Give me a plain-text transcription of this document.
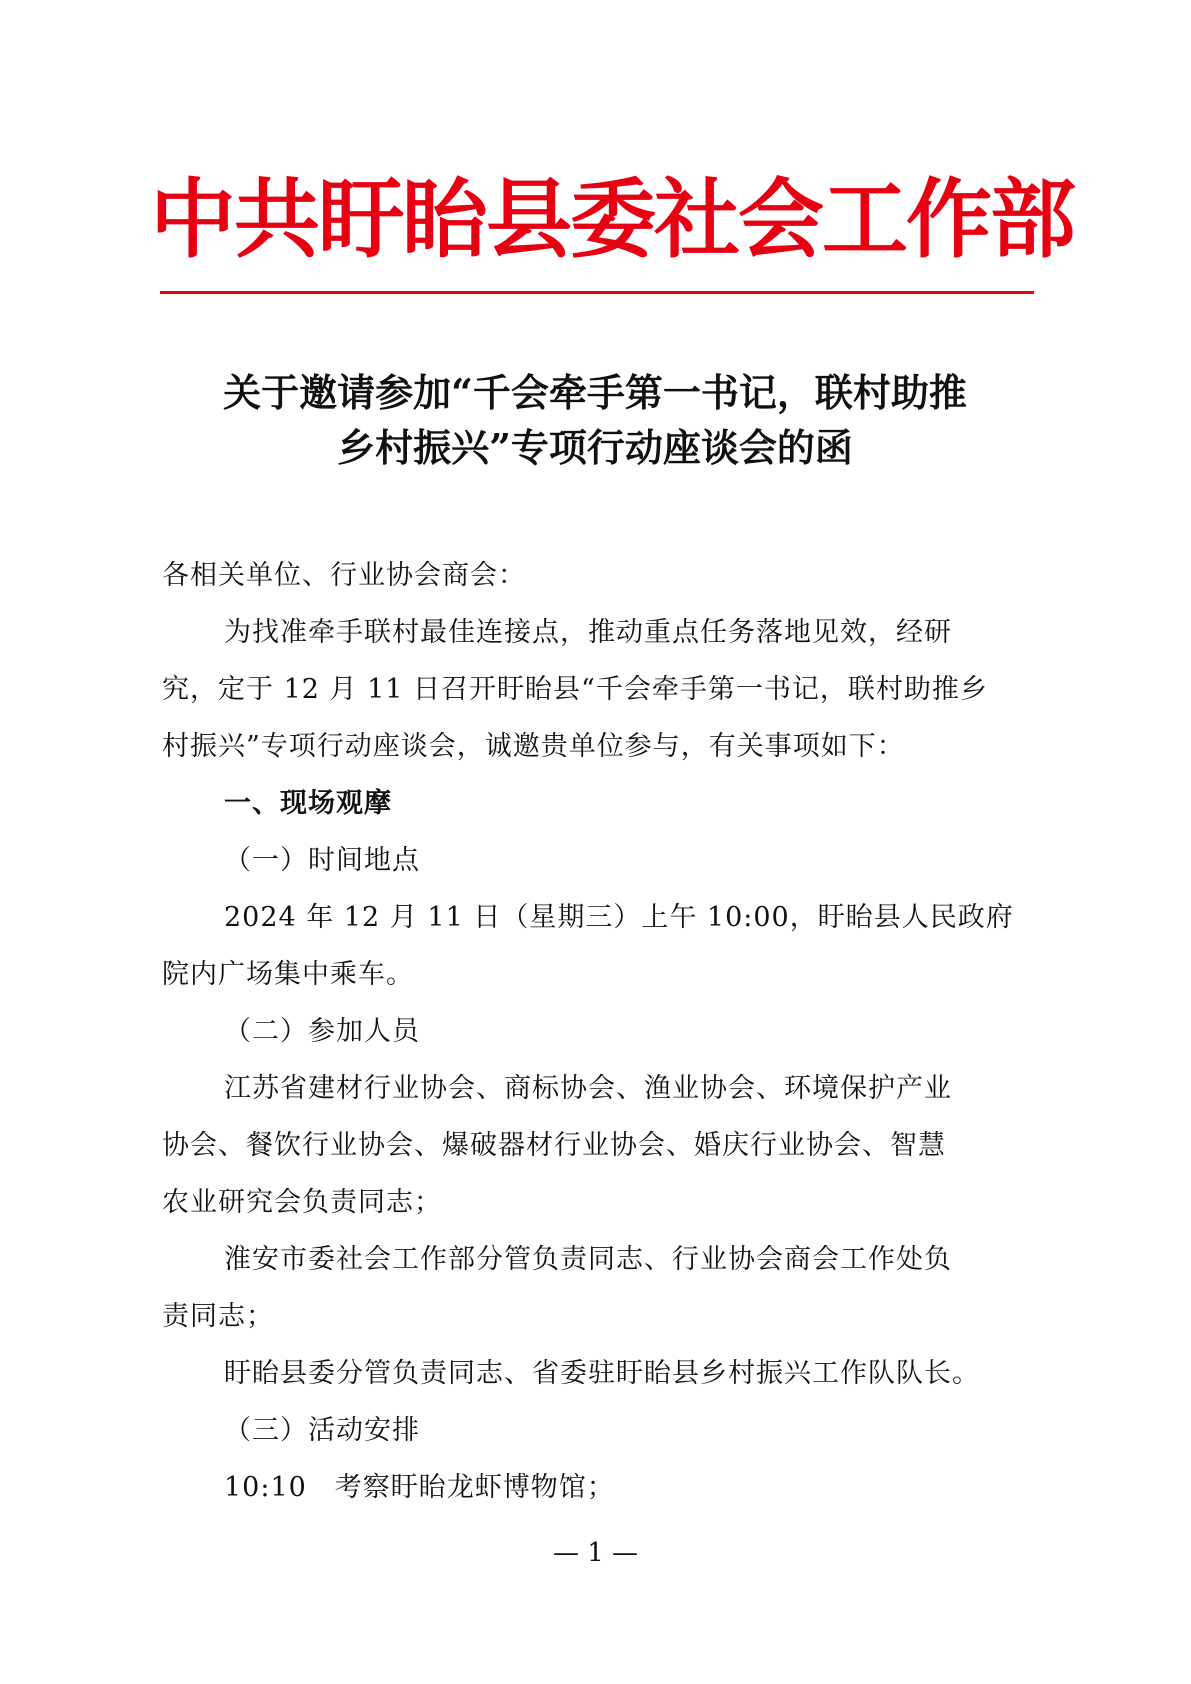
中共盱眙县委社会工作部
关于邀请参加“千会牵手第一书记，联村助推
乡村振兴”专项行动座谈会的函
各相关单位、行业协会商会：
为找准牵手联村最佳连接点，推动重点任务落地见效，经研
究，定于 12 月 11 日召开盱眙县“千会牵手第一书记，联村助推乡
村振兴”专项行动座谈会，诚邀贵单位参与，有关事项如下：
一、现场观摩
（一）时间地点
2024 年 12 月 11 日（星期三）上午 10:00，盱眙县人民政府
院内广场集中乘车。
（二）参加人员
江苏省建材行业协会、商标协会、渔业协会、环境保护产业
协会、餐饮行业协会、爆破器材行业协会、婚庆行业协会、智慧
农业研究会负责同志；
淮安市委社会工作部分管负责同志、行业协会商会工作处负
责同志；
盱眙县委分管负责同志、省委驻盱眙县乡村振兴工作队队长。
（三）活动安排
10:10　考察盱眙龙虾博物馆；
— 1 —
